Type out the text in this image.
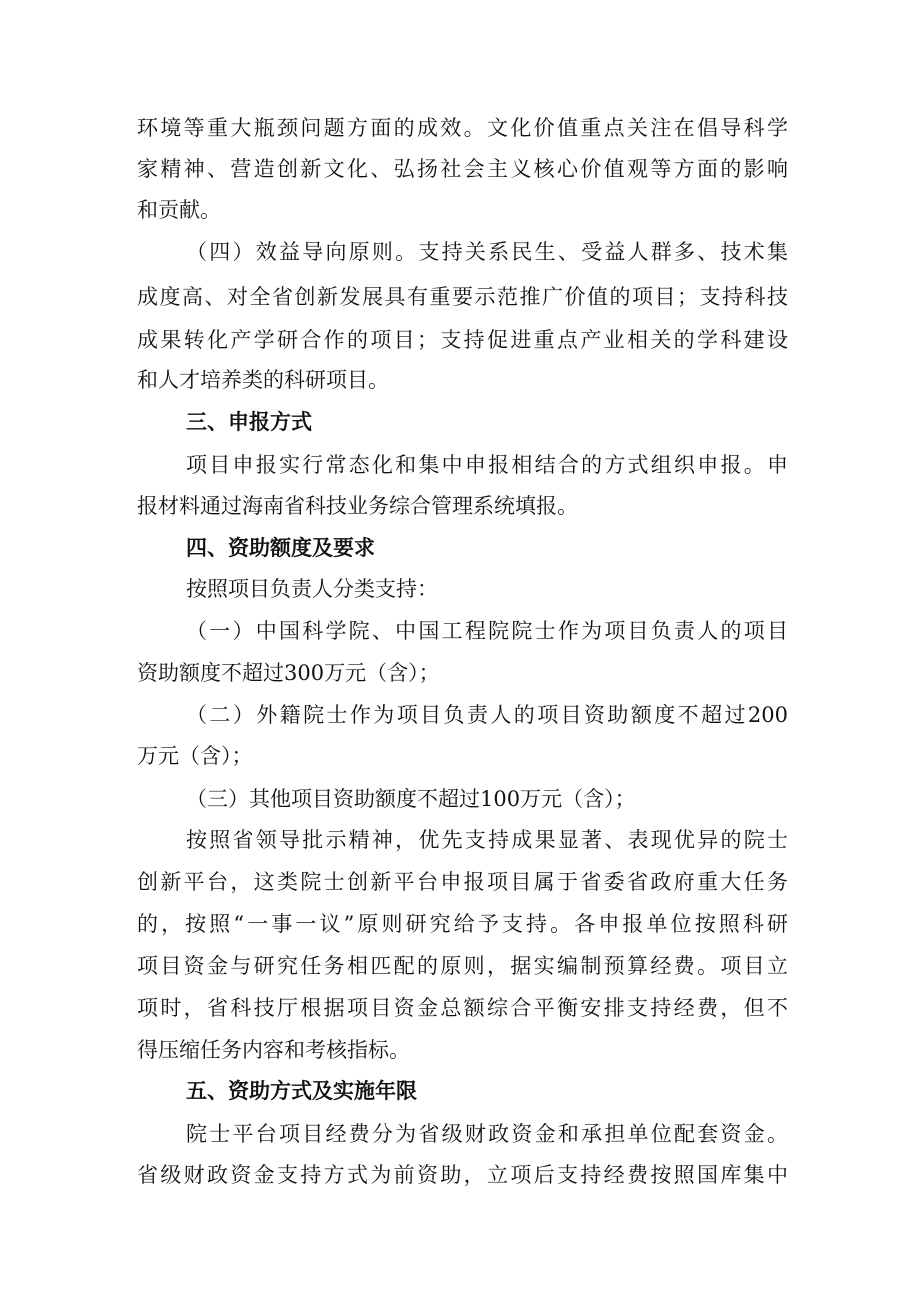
环境等重大瓶颈问题方面的成效。文化价值重点关注在倡导科学
家精神、营造创新文化、弘扬社会主义核心价值观等方面的影响
和贡献。
（四）效益导向原则。支持关系民生、受益人群多、技术集
成度高、对全省创新发展具有重要示范推广价值的项目；支持科技
成果转化产学研合作的项目；支持促进重点产业相关的学科建设
和人才培养类的科研项目。
三、申报方式
项目申报实行常态化和集中申报相结合的方式组织申报。申
报材料通过海南省科技业务综合管理系统填报。
四、资助额度及要求
按照项目负责人分类支持：
（一）中国科学院、中国工程院院士作为项目负责人的项目
资助额度不超过300万元（含）；
（二）外籍院士作为项目负责人的项目资助额度不超过200
万元（含）；
（三）其他项目资助额度不超过100万元（含）；
按照省领导批示精神，优先支持成果显著、表现优异的院士
创新平台，这类院士创新平台申报项目属于省委省政府重大任务
的，按照“一事一议”原则研究给予支持。各申报单位按照科研
项目资金与研究任务相匹配的原则，据实编制预算经费。项目立
项时，省科技厅根据项目资金总额综合平衡安排支持经费，但不
得压缩任务内容和考核指标。
五、资助方式及实施年限
院士平台项目经费分为省级财政资金和承担单位配套资金。
省级财政资金支持方式为前资助，立项后支持经费按照国库集中
